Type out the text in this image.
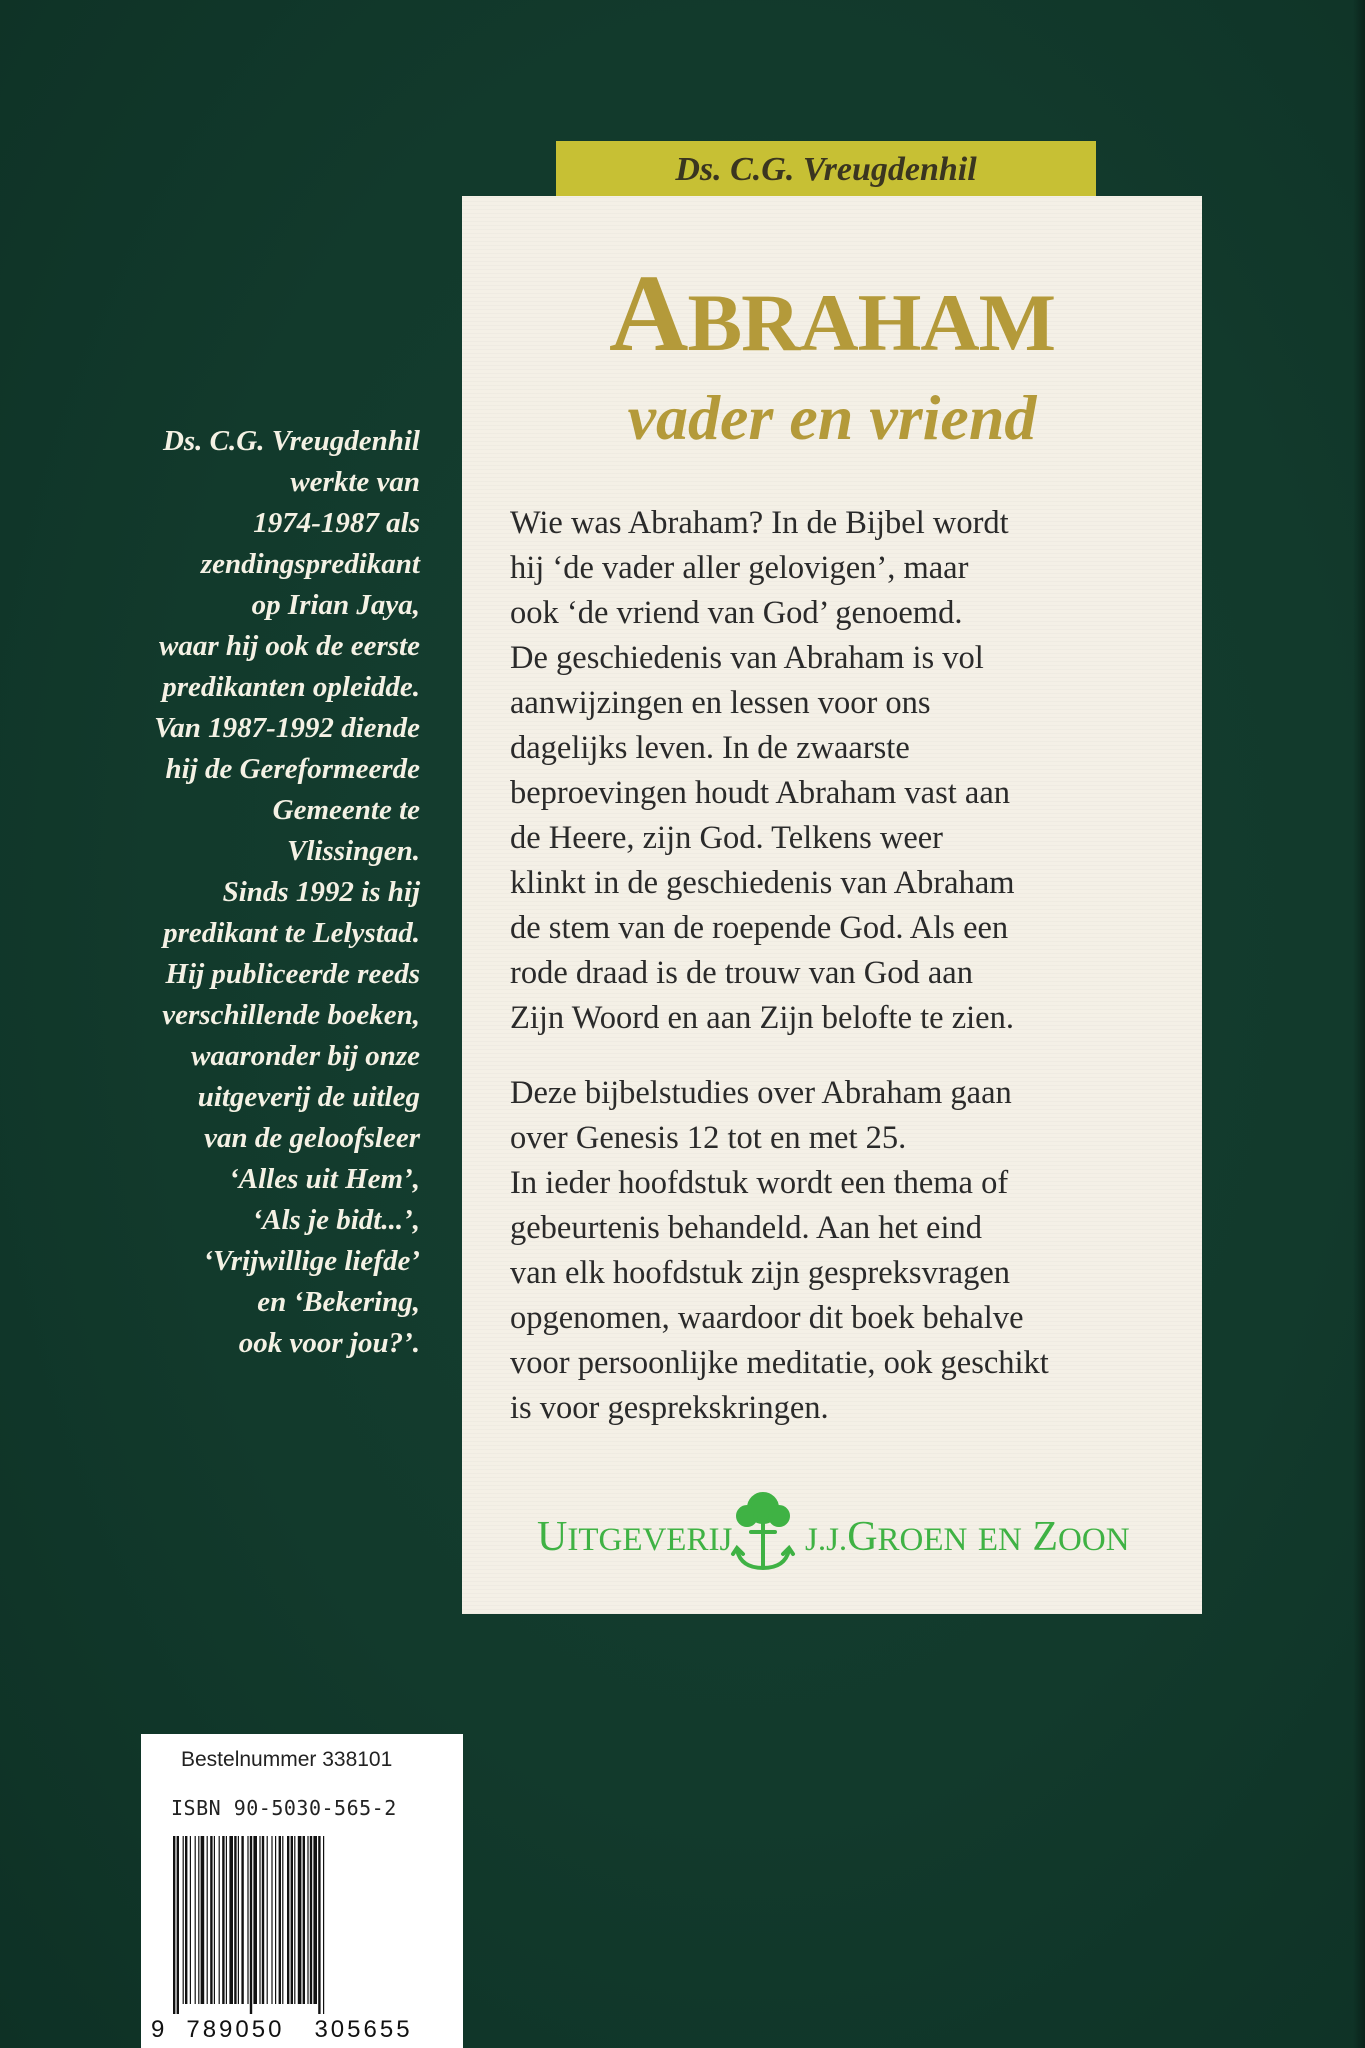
Ds. C.G. Vreugdenhil
ABRAHAM
vader en vriend
Wie was Abraham? In de Bijbel wordt
hij ‘de vader aller gelovigen’, maar
ook ‘de vriend van God’ genoemd.
De geschiedenis van Abraham is vol
aanwijzingen en lessen voor ons
dagelijks leven. In de zwaarste
beproevingen houdt Abraham vast aan
de Heere, zijn God. Telkens weer
klinkt in de geschiedenis van Abraham
de stem van de roepende God. Als een
rode draad is de trouw van God aan
Zijn Woord en aan Zijn belofte te zien.
Deze bijbelstudies over Abraham gaan
over Genesis 12 tot en met 25.
In ieder hoofdstuk wordt een thema of
gebeurtenis behandeld. Aan het eind
van elk hoofdstuk zijn gespreksvragen
opgenomen, waardoor dit boek behalve
voor persoonlijke meditatie, ook geschikt
is voor gesprekskringen.
UITGEVERIJ J.J.GROEN EN ZOON
Ds. C.G. Vreugdenhil
werkte van
1974-1987 als
zendingspredikant
op Irian Jaya,
waar hij ook de eerste
predikanten opleidde.
Van 1987-1992 diende
hij de Gereformeerde
Gemeente te
Vlissingen.
Sinds 1992 is hij
predikant te Lelystad.
Hij publiceerde reeds
verschillende boeken,
waaronder bij onze
uitgeverij de uitleg
van de geloofsleer
‘Alles uit Hem’,
‘Als je bidt...’,
‘Vrijwillige liefde’
en ‘Bekering,
ook voor jou?’.
Bestelnummer 338101
ISBN 90-5030-565-2
9 789050 305655
